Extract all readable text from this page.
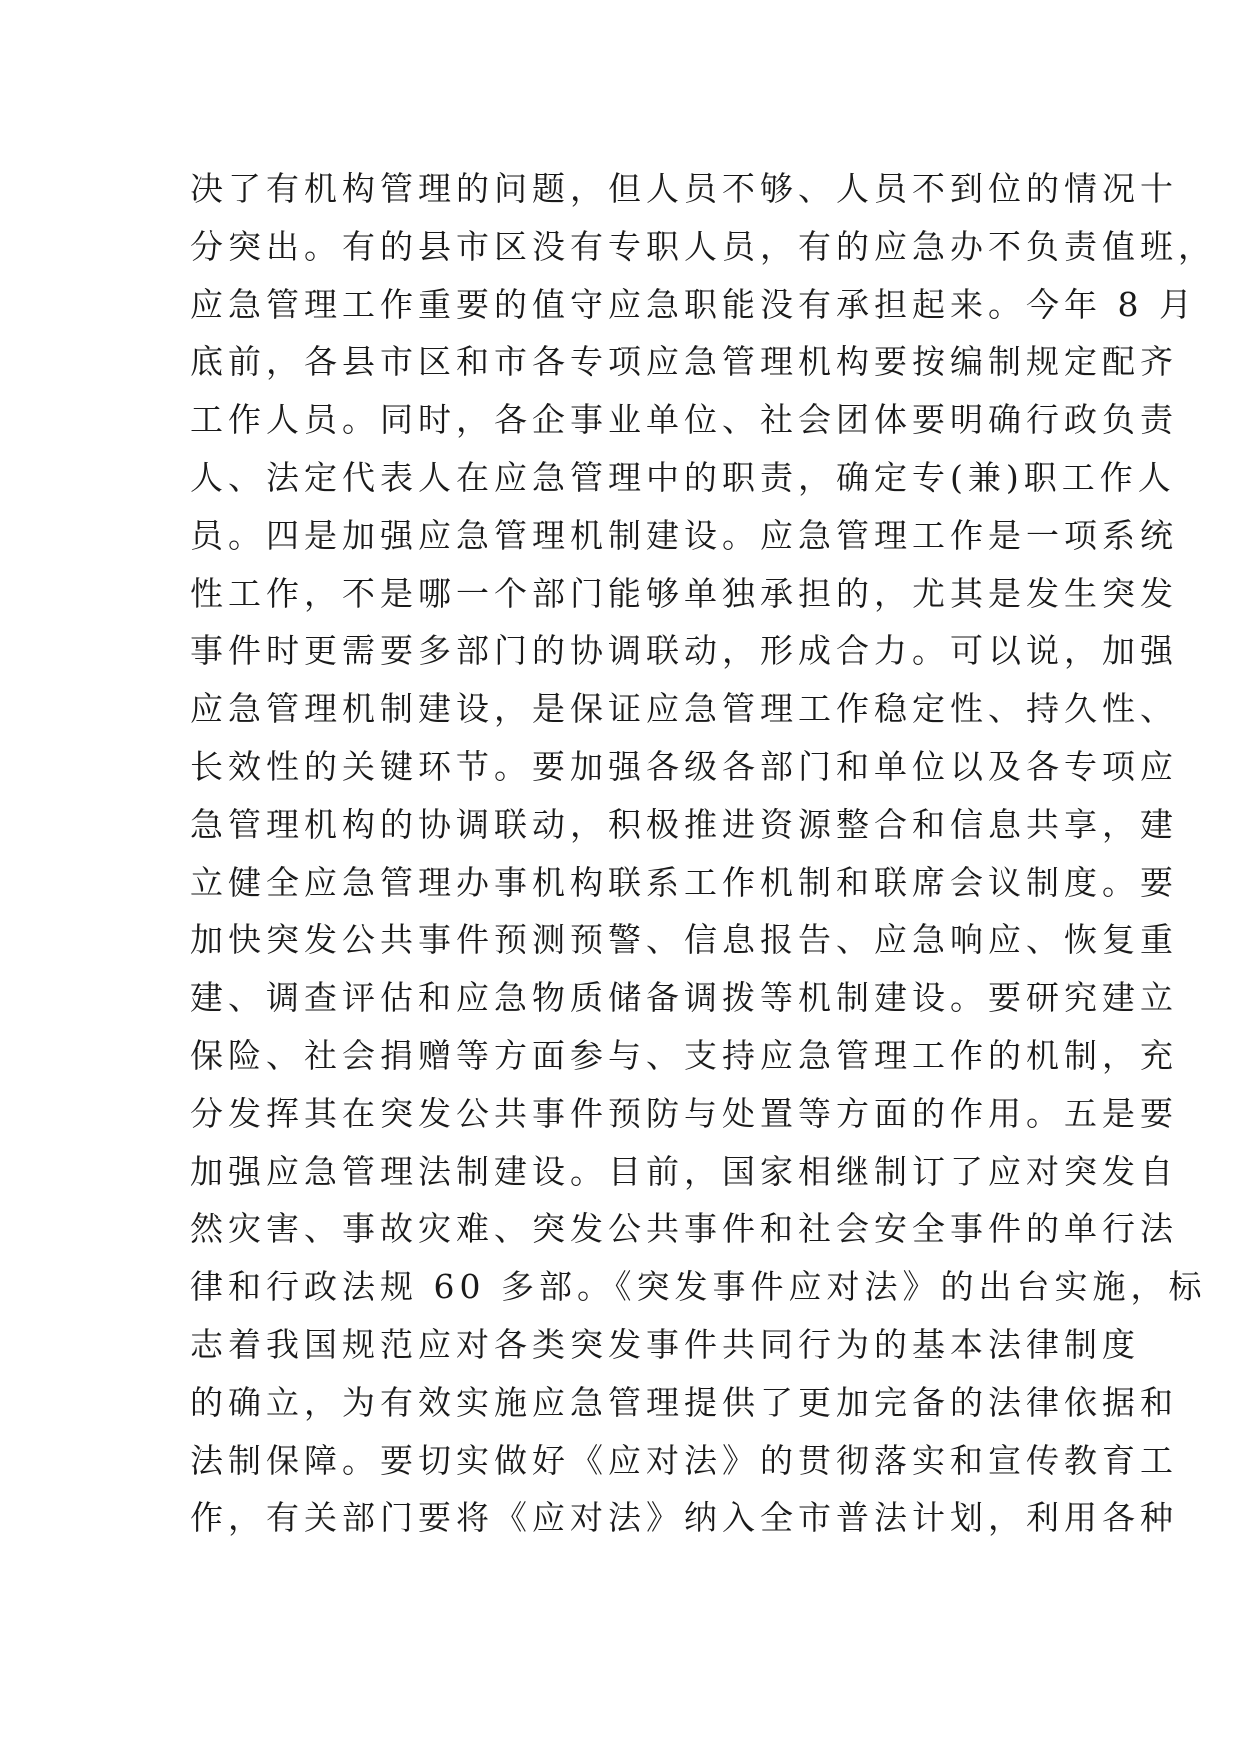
决了有机构管理的问题，但人员不够、人员不到位的情况十
分突出。有的县市区没有专职人员，有的应急办不负责值班，
应急管理工作重要的值守应急职能没有承担起来。今年 8 月
底前，各县市区和市各专项应急管理机构要按编制规定配齐
工作人员。同时，各企事业单位、社会团体要明确行政负责
人、法定代表人在应急管理中的职责，确定专(兼)职工作人
员。四是加强应急管理机制建设。应急管理工作是一项系统
性工作，不是哪一个部门能够单独承担的，尤其是发生突发
事件时更需要多部门的协调联动，形成合力。可以说，加强
应急管理机制建设，是保证应急管理工作稳定性、持久性、
长效性的关键环节。要加强各级各部门和单位以及各专项应
急管理机构的协调联动，积极推进资源整合和信息共享，建
立健全应急管理办事机构联系工作机制和联席会议制度。要
加快突发公共事件预测预警、信息报告、应急响应、恢复重
建、调查评估和应急物质储备调拨等机制建设。要研究建立
保险、社会捐赠等方面参与、支持应急管理工作的机制，充
分发挥其在突发公共事件预防与处置等方面的作用。五是要
加强应急管理法制建设。目前，国家相继制订了应对突发自
然灾害、事故灾难、突发公共事件和社会安全事件的单行法
律和行政法规 60 多部。《突发事件应对法》的出台实施，标
志着我国规范应对各类突发事件共同行为的基本法律制度
的确立，为有效实施应急管理提供了更加完备的法律依据和
法制保障。要切实做好《应对法》的贯彻落实和宣传教育工
作，有关部门要将《应对法》纳入全市普法计划，利用各种
